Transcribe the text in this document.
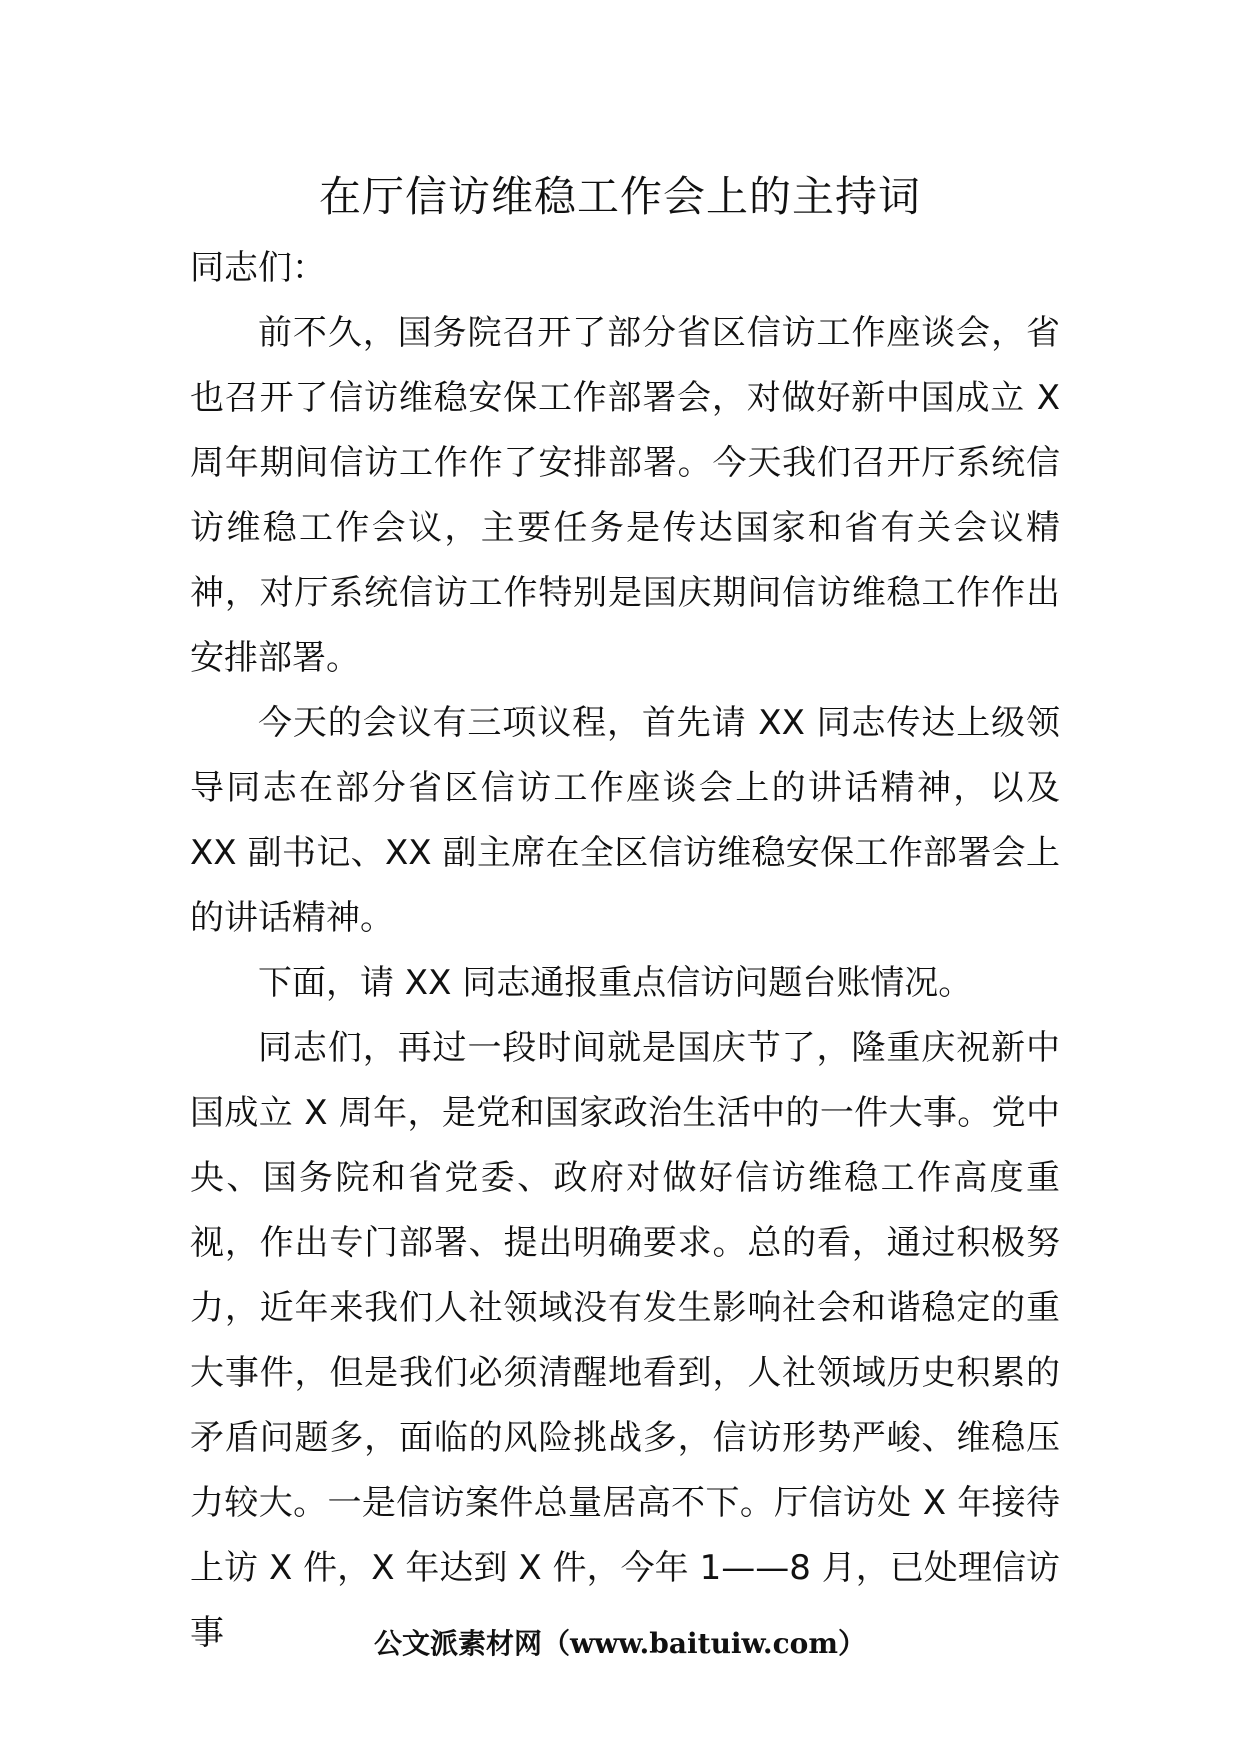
在厅信访维稳工作会上的主持词

同志们：

前不久，国务院召开了部分省区信访工作座谈会，省也召开了信访维稳安保工作部署会，对做好新中国成立 X 周年期间信访工作作了安排部署。今天我们召开厅系统信访维稳工作会议，主要任务是传达国家和省有关会议精神，对厅系统信访工作特别是国庆期间信访维稳工作作出安排部署。

今天的会议有三项议程，首先请 XX 同志传达上级领导同志在部分省区信访工作座谈会上的讲话精神，以及 XX 副书记、XX 副主席在全区信访维稳安保工作部署会上的讲话精神。

下面，请 XX 同志通报重点信访问题台账情况。

同志们，再过一段时间就是国庆节了，隆重庆祝新中国成立 X 周年，是党和国家政治生活中的一件大事。党中央、国务院和省党委、政府对做好信访维稳工作高度重视，作出专门部署、提出明确要求。总的看，通过积极努力，近年来我们人社领域没有发生影响社会和谐稳定的重大事件，但是我们必须清醒地看到，人社领域历史积累的矛盾问题多，面临的风险挑战多，信访形势严峻、维稳压力较大。一是信访案件总量居高不下。厅信访处 X 年接待上访 X 件，X 年达到 X 件，今年 1——8 月，已处理信访事	公文派素材网（www.baituiw.com）
